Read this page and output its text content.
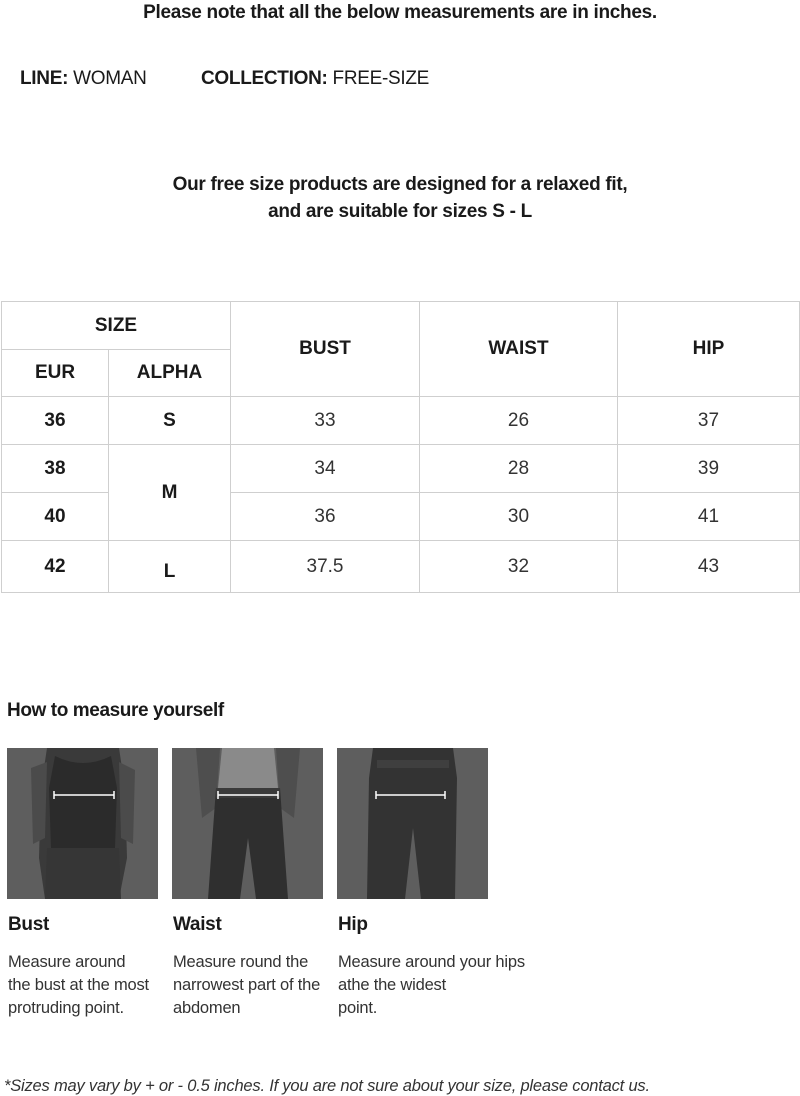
Please note that all the below measurements are in inches.
LINE: WOMAN	COLLECTION: FREE-SIZE
Our free size products are designed for a relaxed fit,
and are suitable for sizes S - L
SIZE		BUST	WAIST	HIP
EUR	ALPHA			
36	S	33	26	37
38	M	34	28	39
40		36	30	41
42	L	37.5	32	43
How to measure yourself
Bust	Waist	Hip
Measure around
the bust at the most
protruding point.
Measure round the
narrowest part of the
abdomen
Measure around your hips
athe the widest
point.
*Sizes may vary by + or - 0.5 inches. If you are not sure about your size, please contact us.
